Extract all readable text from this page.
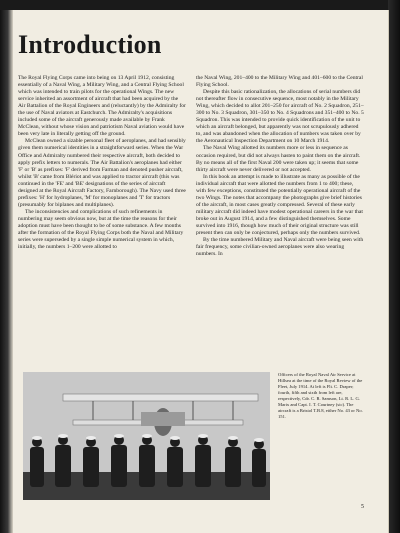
Introduction

The Royal Flying Corps came into being on 13 April 1912, consisting essentially of a Naval Wing, a Military Wing, and a Central Flying School which was intended to train pilots for the operational Wings. The new service inherited an assortment of aircraft that had been acquired by the Air Battalion of the Royal Engineers and (reluctantly) by the Admiralty for the use of Naval aviators at Eastchurch. The Admiralty's acquisitions included some of the aircraft generously made available by Frank McClean, without whose vision and patriotism Naval aviation would have been very late in literally getting off the ground.

McClean owned a sizable personal fleet of aeroplanes, and had sensibly given them numerical identities in a straightforward series. When the War Office and Admiralty numbered their respective aircraft, both decided to apply prefix letters to numerals. The Air Battalion's aeroplanes had either 'F' or 'B' as prefixes: 'F' derived from Farman and denoted pusher aircraft, whilst 'B' came from Blériot and was applied to tractor aircraft (this was continued in the 'FE' and 'BE' designations of the series of aircraft designed at the Royal Aircraft Factory, Farnborough). The Navy used three prefixes: 'H' for hydroplanes, 'M' for monoplanes and 'T' for tractors (presumably for biplanes and multiplanes).

The inconsistencies and complications of such refinements in numbering may seem obvious now, but at the time the reasons for their adoption must have been thought to be of some substance. A few months after the formation of the Royal Flying Corps both the Naval and Military series were superseded by a single simple numerical system in which, initially, the numbers 1–200 were allotted to

the Naval Wing, 201–400 to the Military Wing and 401–600 to the Central Flying School.

Despite this basic rationalization, the allocations of serial numbers did not thereafter flow in consecutive sequence, most notably in the Military Wing, which decided to allot 201–250 for aircraft of No. 2 Squadron, 251–300 to No. 3 Squadron, 301–350 to No. 4 Squadrons and 351–400 to No. 5 Squadron. This was intended to provide quick identification of the unit to which an aircraft belonged, but apparently was not scrupulously adhered to, and was abandoned when the allocation of numbers was taken over by the Aeronautical Inspection Department on 10 March 1914.

The Naval Wing allotted its numbers more or less in sequence as occasion required, but did not always hasten to paint them on the aircraft. By no means all of the first Naval 200 were taken up; it seems that some thirty aircraft were never delivered or not accepted.

In this book an attempt is made to illustrate as many as possible of the individual aircraft that were allotted the numbers from 1 to 400; these, with few exceptions, constituted the potentially operational aircraft of the two Wings. The notes that accompany the photographs give brief histories of the aircraft, in most cases greatly compressed. Several of these early military aircraft did indeed have modest operational careers in the war that broke out in August 1914, and a few distinguished themselves. Some survived into 1916, though how much of their original structure was still present then can only be conjectured, perhaps only the numbers survived.

By the time numbered Military and Naval aircraft were being seen with fair frequency, some civilian-owned aeroplanes were also wearing numbers. In

Officers of the Royal Naval Air Service at Hillsea at the time of the Royal Review of the Fleet, July 1914. At left is Flt. C. Draper; fourth, fifth and sixth from left are, respectively, Cdr. C. R. Samson, Lt. R. L. G. Marix and Capt. I. T. Courtney (sic). The aircraft is a Bristol T.B.8, either No. 43 or No. 151.

5
